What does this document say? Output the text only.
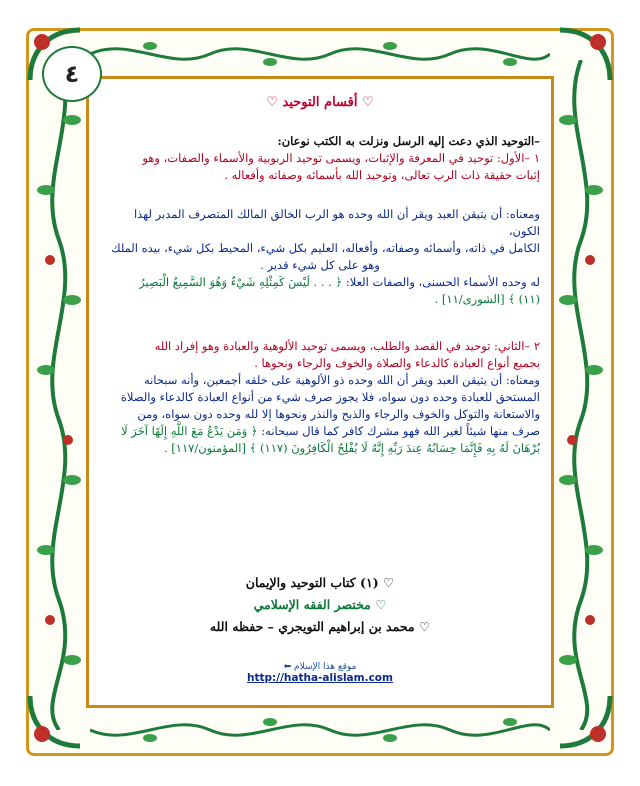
٤
♡ أقسام التوحيد ♡

–التوحيد الذي دعت إليه الرسل ونزلت به الكتب نوعان:

١ –الأول: توحيد في المعرفة والإثبات، ويسمى توحيد الربوبية والأسماء والصفات، وهو

إثبات حقيقة ذات الرب تعالى، وتوحيد الله بأسمائه وصفاته وأفعاله .

ومعناه: أن يتيقن العبد ويقر أن الله وحده هو الرب الخالق المالك المتصرف المدبر لهذا الكون،

الكامل في ذاته، وأسمائه وصفاته، وأفعاله، العليم بكل شيء، المحيط بكل شيء، بيده الملك

وهو على كل شيء قدير .

له وحده الأسماء الحسنى، والصفات العلا: ﴿ . . . لَيْسَ كَمِثْلِهِ شَيْءٌ وَهُوَ السَّمِيعُ الْبَصِيرُ

(١١) ﴾ [الشورى/١١] .

٢ –الثاني: توحيد في القصد والطلب، ويسمى توحيد الألوهية والعبادة وهو إفراد الله

بجميع أنواع العبادة كالدعاء والصلاة والخوف والرجاء ونحوها .

ومعناه: أن يتيقن العبد ويقر أن الله وحده ذو الألوهية على خلقه أجمعين، وأنه سبحانه

المستحق للعبادة وحده دون سواه، فلا يجوز صرف شيء من أنواع العبادة كالدعاء والصلاة

والاستعانة والتوكل والخوف والرجاء والذبح والنذر ونحوها إلا لله وحده دون سواه، ومن

صرف منها شيئاً لغير الله فهو مشرك كافر كما قال سبحانه: ﴿ وَمَن يَدْعُ مَعَ اللَّهِ إِلَهًا آخَرَ لَا

بُرْهَانَ لَهُ بِهِ فَإِنَّمَا حِسَابُهُ عِندَ رَبِّهِ إِنَّهُ لَا يُفْلِحُ الْكَافِرُونَ (١١٧) ﴾ [المؤمنون/١١٧] .

♡ (١) كتاب التوحيد والإيمان
♡ مختصر الفقه الإسلامي
♡ محمد بن إبراهيم التويجري – حفظه الله
موقع هذا الإسلام ⬅
http://hatha-alislam.com
